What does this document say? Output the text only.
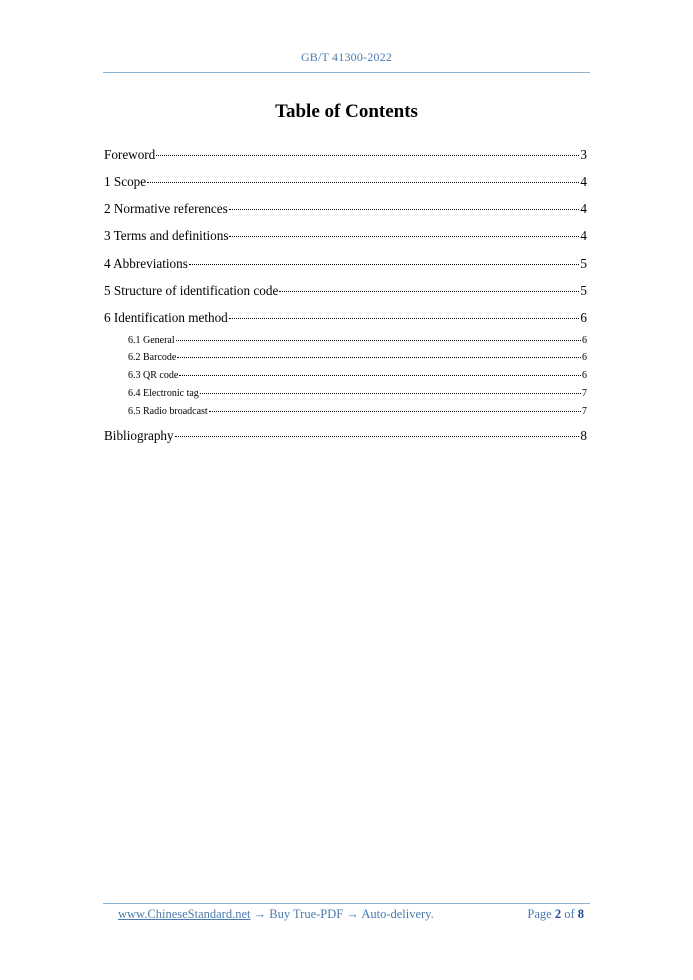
GB/T 41300-2022
Table of Contents
Foreword	3
1 Scope	4
2 Normative references	4
3 Terms and definitions	4
4 Abbreviations	5
5 Structure of identification code	5
6 Identification method	6
6.1 General	6
6.2 Barcode	6
6.3 QR code	6
6.4 Electronic tag	7
6.5 Radio broadcast	7
Bibliography	8
www.ChineseStandard.net → Buy True-PDF → Auto-delivery.	Page 2 of 8
